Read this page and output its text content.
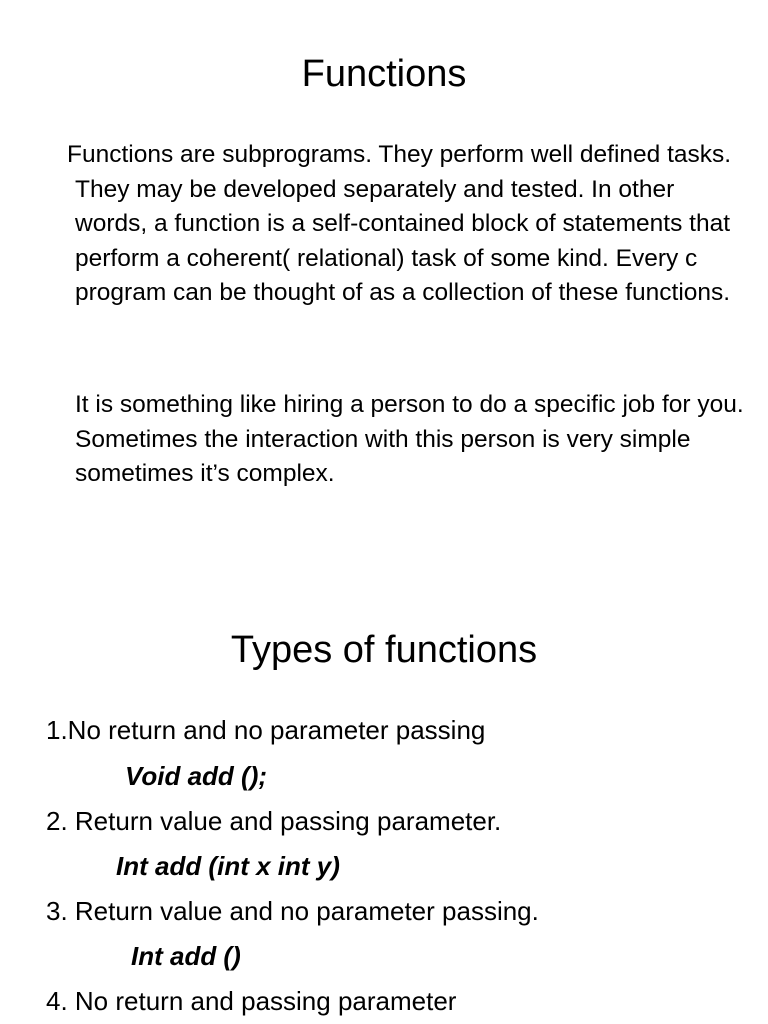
Functions

Functions are subprograms. They perform well defined tasks. They may be developed separately and tested. In other words, a function is a self-contained block of statements that perform a coherent( relational) task of some kind. Every c program can be thought of as a collection of these functions.

It is something like hiring a person to do a specific job for you. Sometimes the interaction with this person is very simple sometimes it’s complex.

Types of functions

1.No return and no parameter passing

Void add ();

2. Return value and passing parameter.

Int add (int x int y)

3. Return value and no parameter passing.

Int add ()

4. No return and passing parameter
